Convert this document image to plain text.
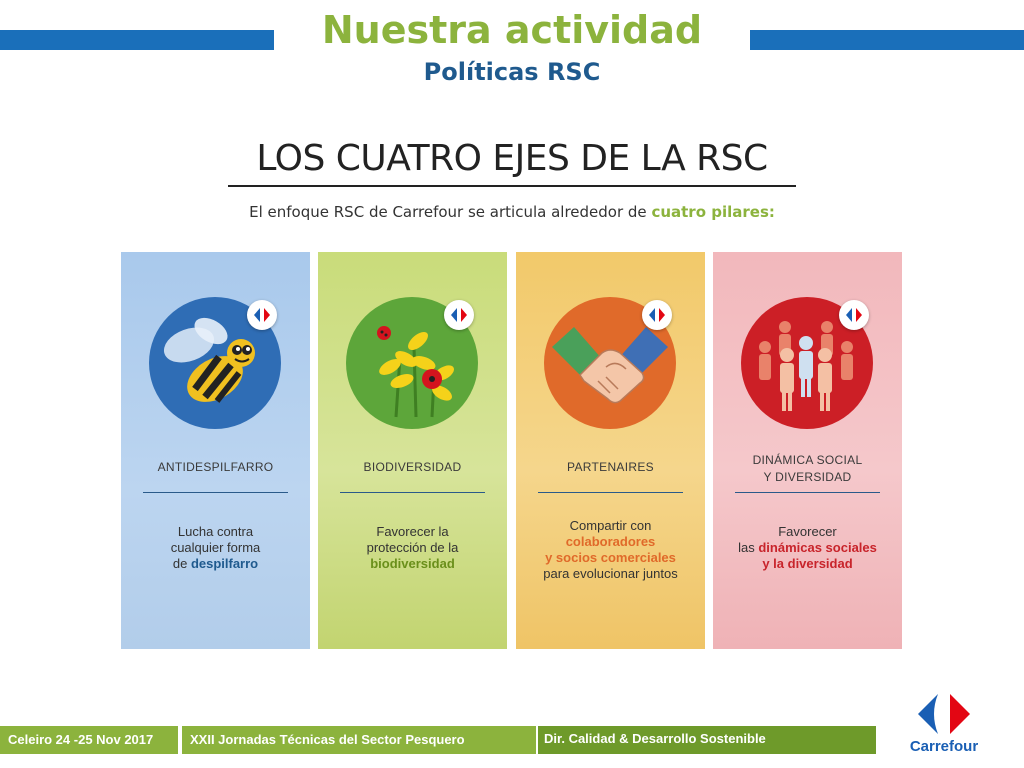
Nuestra actividad
Políticas RSC
LOS CUATRO EJES DE LA RSC
El enfoque RSC de Carrefour se articula alrededor de cuatro pilares:
ANTIDESPILFARRO
Lucha contra
cualquier forma
de despilfarro
BIODIVERSIDAD
Favorecer la
protección de la
biodiversidad
PARTENAIRES
Compartir con
colaboradores
y socios comerciales
para evolucionar juntos
DINÁMICA SOCIAL
Y DIVERSIDAD
Favorecer
las dinámicas sociales
y la diversidad
Celeiro 24 -25 Nov 2017	XXII Jornadas Técnicas del Sector Pesquero	Dir. Calidad & Desarrollo Sostenible	Carrefour
